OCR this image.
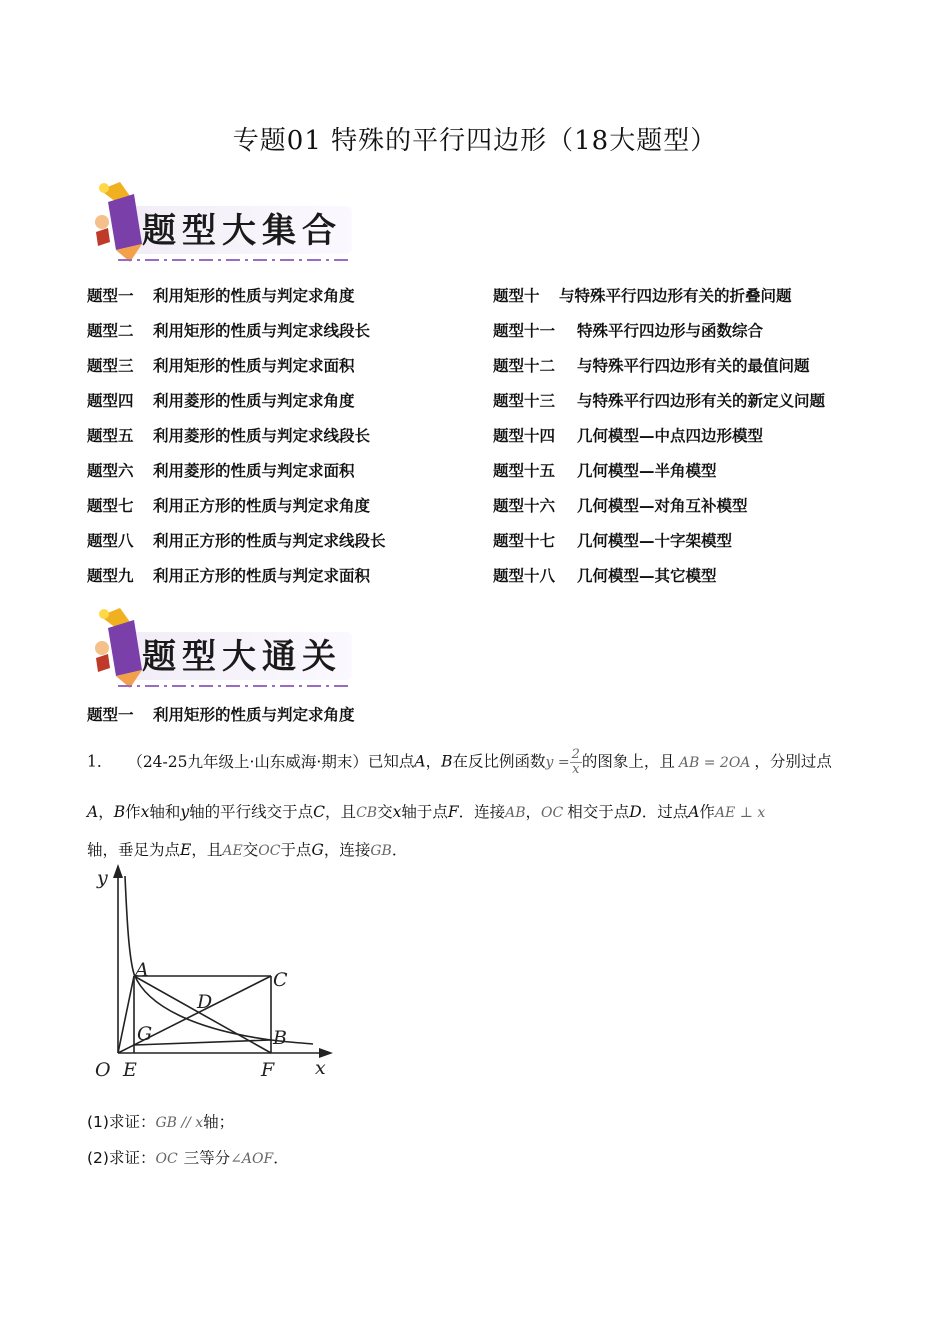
专题01 特殊的平行四边形（18大题型）
题型大集合
题型一 利用矩形的性质与判定求角度
题型二 利用矩形的性质与判定求线段长
题型三 利用矩形的性质与判定求面积
题型四 利用菱形的性质与判定求角度
题型五 利用菱形的性质与判定求线段长
题型六 利用菱形的性质与判定求面积
题型七 利用正方形的性质与判定求角度
题型八 利用正方形的性质与判定求线段长
题型九 利用正方形的性质与判定求面积
题型十 与特殊平行四边形有关的折叠问题
题型十一 特殊平行四边形与函数综合
题型十二 与特殊平行四边形有关的最值问题
题型十三 与特殊平行四边形有关的新定义问题
题型十四 几何模型—中点四边形模型
题型十五 几何模型—半角模型
题型十六 几何模型—对角互补模型
题型十七 几何模型—十字架模型
题型十八 几何模型—其它模型
题型大通关
题型一 利用矩形的性质与判定求角度
1． （24-25九年级上·山东威海·期末）已知点A，B在反比例函数$y = \frac{2}{x}$ 的图象上，且 AB = 2OA ，分别过点
A，B作x轴和y轴的平行线交于点C，且CB交x轴于点F．连接AB，OC 相交于点D．过点A作AE ⊥ x
轴，垂足为点E，且AE交OC于点G，连接GB．
y
x
O E	F
A
B
C
D
G
(1)求证：GB // x轴；
(2)求证：OC 三等分∠AOF．
